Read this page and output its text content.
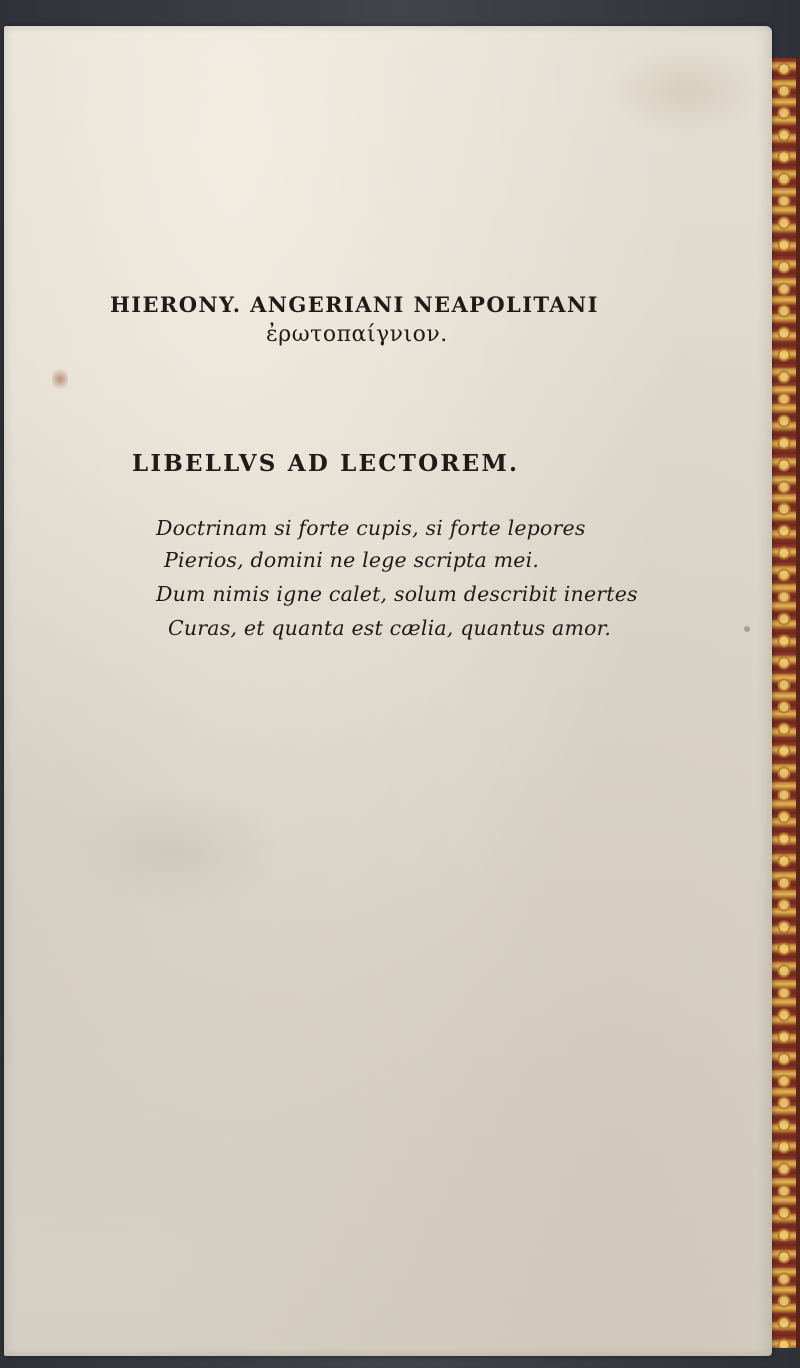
HIERONY. ANGERIANI NEAPOLITANI
ἐρωτοπαίγνιον.
LIBELLVS AD LECTOREM.
Doctrinam si forte cupis, si forte lepores
Pierios, domini ne lege scripta mei.
Dum nimis igne calet, solum describit inertes
Curas, et quanta est cælia, quantus amor.
